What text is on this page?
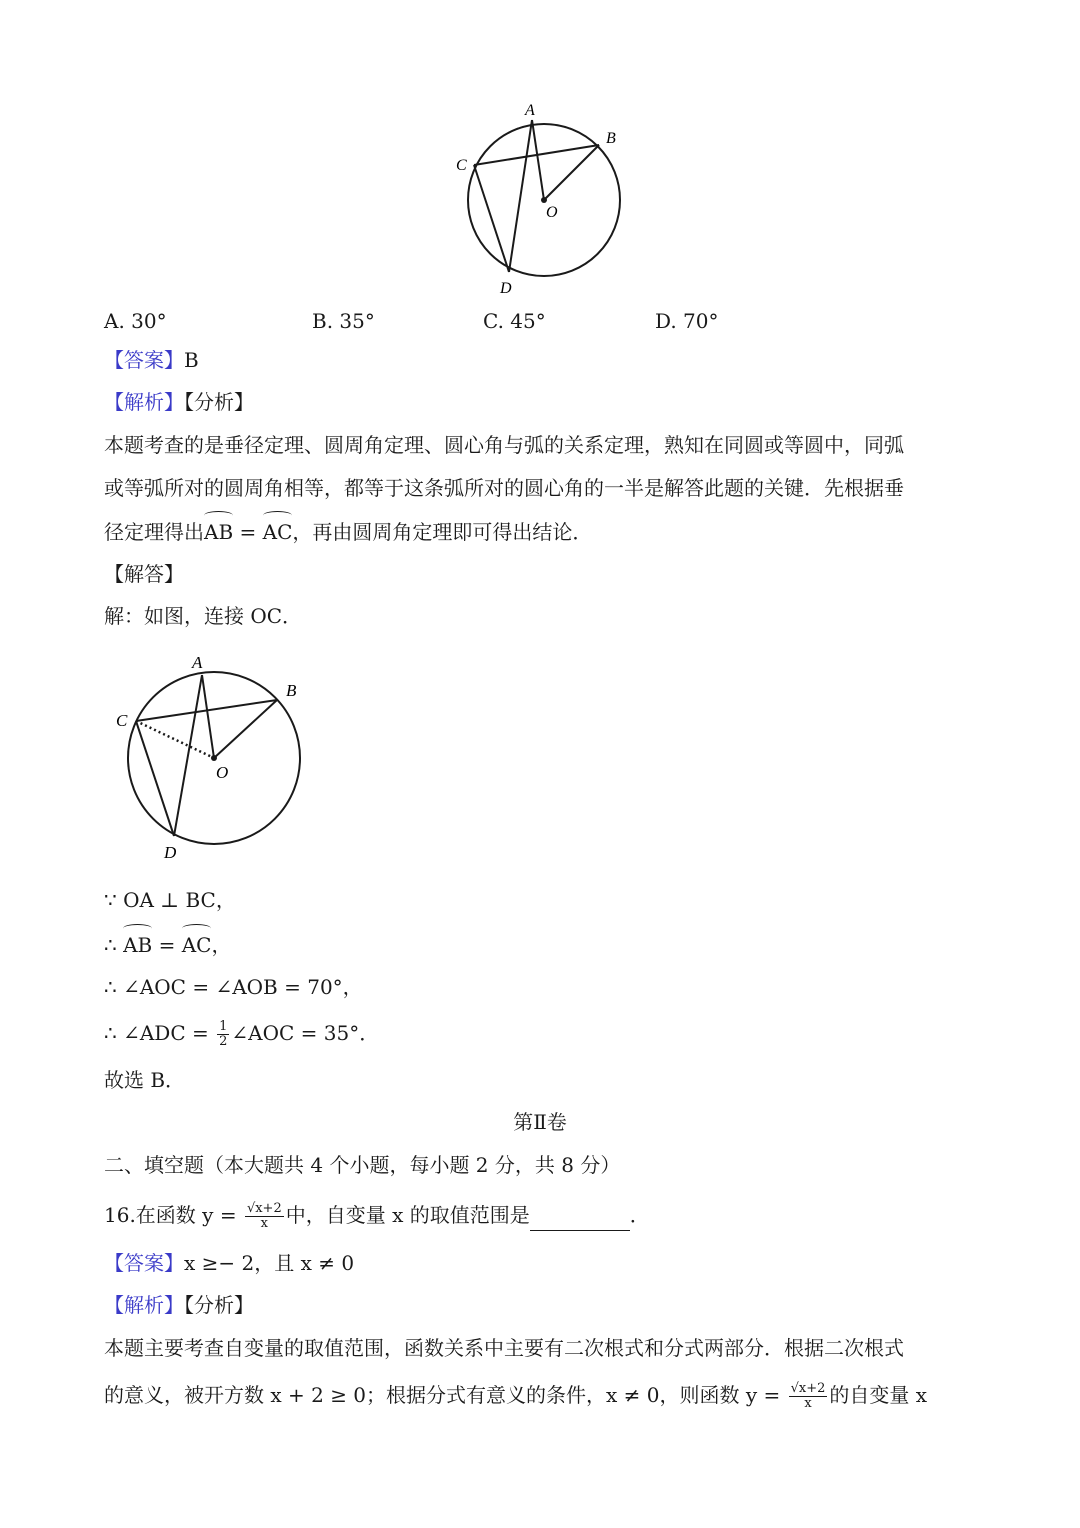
A
B
C
D
O
A. 30°	B. 35°	C. 45°	D. 70°
【答案】B
【解析】【分析】
本题考查的是垂径定理、圆周角定理、圆心角与弧的关系定理，熟知在同圆或等圆中，同弧
或等弧所对的圆周角相等，都等于这条弧所对的圆心角的一半是解答此题的关键．先根据垂
径定理得出AB = AC，再由圆周角定理即可得出结论．
【解答】
解：如图，连接 OC．
A
B
C
D
O
∵ OA ⊥ BC，
∴ AB = AC，
∴ ∠AOC = ∠AOB = 70°，
∴ ∠ADC = $\frac{1}{2}$ ∠AOC = 35°．
故选 B．
第Ⅱ卷
二、填空题（本大题共 4 个小题，每小题 2 分，共 8 分）
16.在函数 $y = \frac{√x+2}{x}$ 中，自变量 x 的取值范围是	．
【答案】x ≥− 2，且 x ≠ 0
【解析】【分析】
本题主要考查自变量的取值范围，函数关系中主要有二次根式和分式两部分．根据二次根式
的意义，被开方数 x + 2 ≥ 0；根据分式有意义的条件，x ≠ 0，则函数 $y = \frac{√x+2}{x}$ 的自变量 x
